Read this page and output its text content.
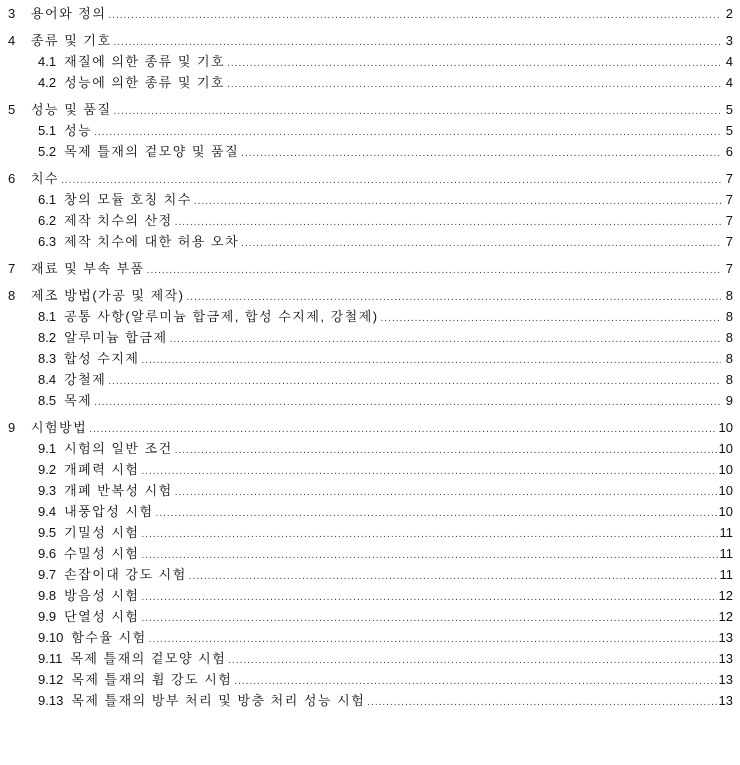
3	용어와 정의 .....	2
4	종류 및 기호 .....	3
4.1 재질에 의한 종류 및 기호 .....	4
4.2 성능에 의한 종류 및 기호 .....	4
5	성능 및 품질 .....	5
5.1 성능 .....	5
5.2 목제 틀재의 겉모양 및 품질 .....	6
6	치수 .....	7
6.1 창의 모듈 호칭 치수 .....	7
6.2 제작 치수의 산정 .....	7
6.3 제작 치수에 대한 허용 오차 .....	7
7	재료 및 부속 부품 .....	7
8	제조 방법(가공 및 제작) .....	8
8.1 공통 사항(알루미늄 합금제, 합성 수지제, 강철제) .....	8
8.2 알루미늄 합금제 .....	8
8.3 합성 수지제 .....	8
8.4 강철제 .....	8
8.5 목제 .....	9
9	시험방법 .....	10
9.1 시험의 일반 조건 .....	10
9.2 개폐력 시험 .....	10
9.3 개폐 반복성 시험 .....	10
9.4 내풍압성 시험 .....	10
9.5 기밀성 시험 .....	11
9.6 수밀성 시험 .....	11
9.7 손잡이대 강도 시험 .....	11
9.8 방음성 시험 .....	12
9.9 단열성 시험 .....	12
9.10 함수율 시험 .....	13
9.11 목제 틀재의 겉모양 시험 .....	13
9.12 목제 틀재의 휨 강도 시험 .....	13
9.13 목제 틀재의 방부 처리 및 방충 처리 성능 시험 .....	13
